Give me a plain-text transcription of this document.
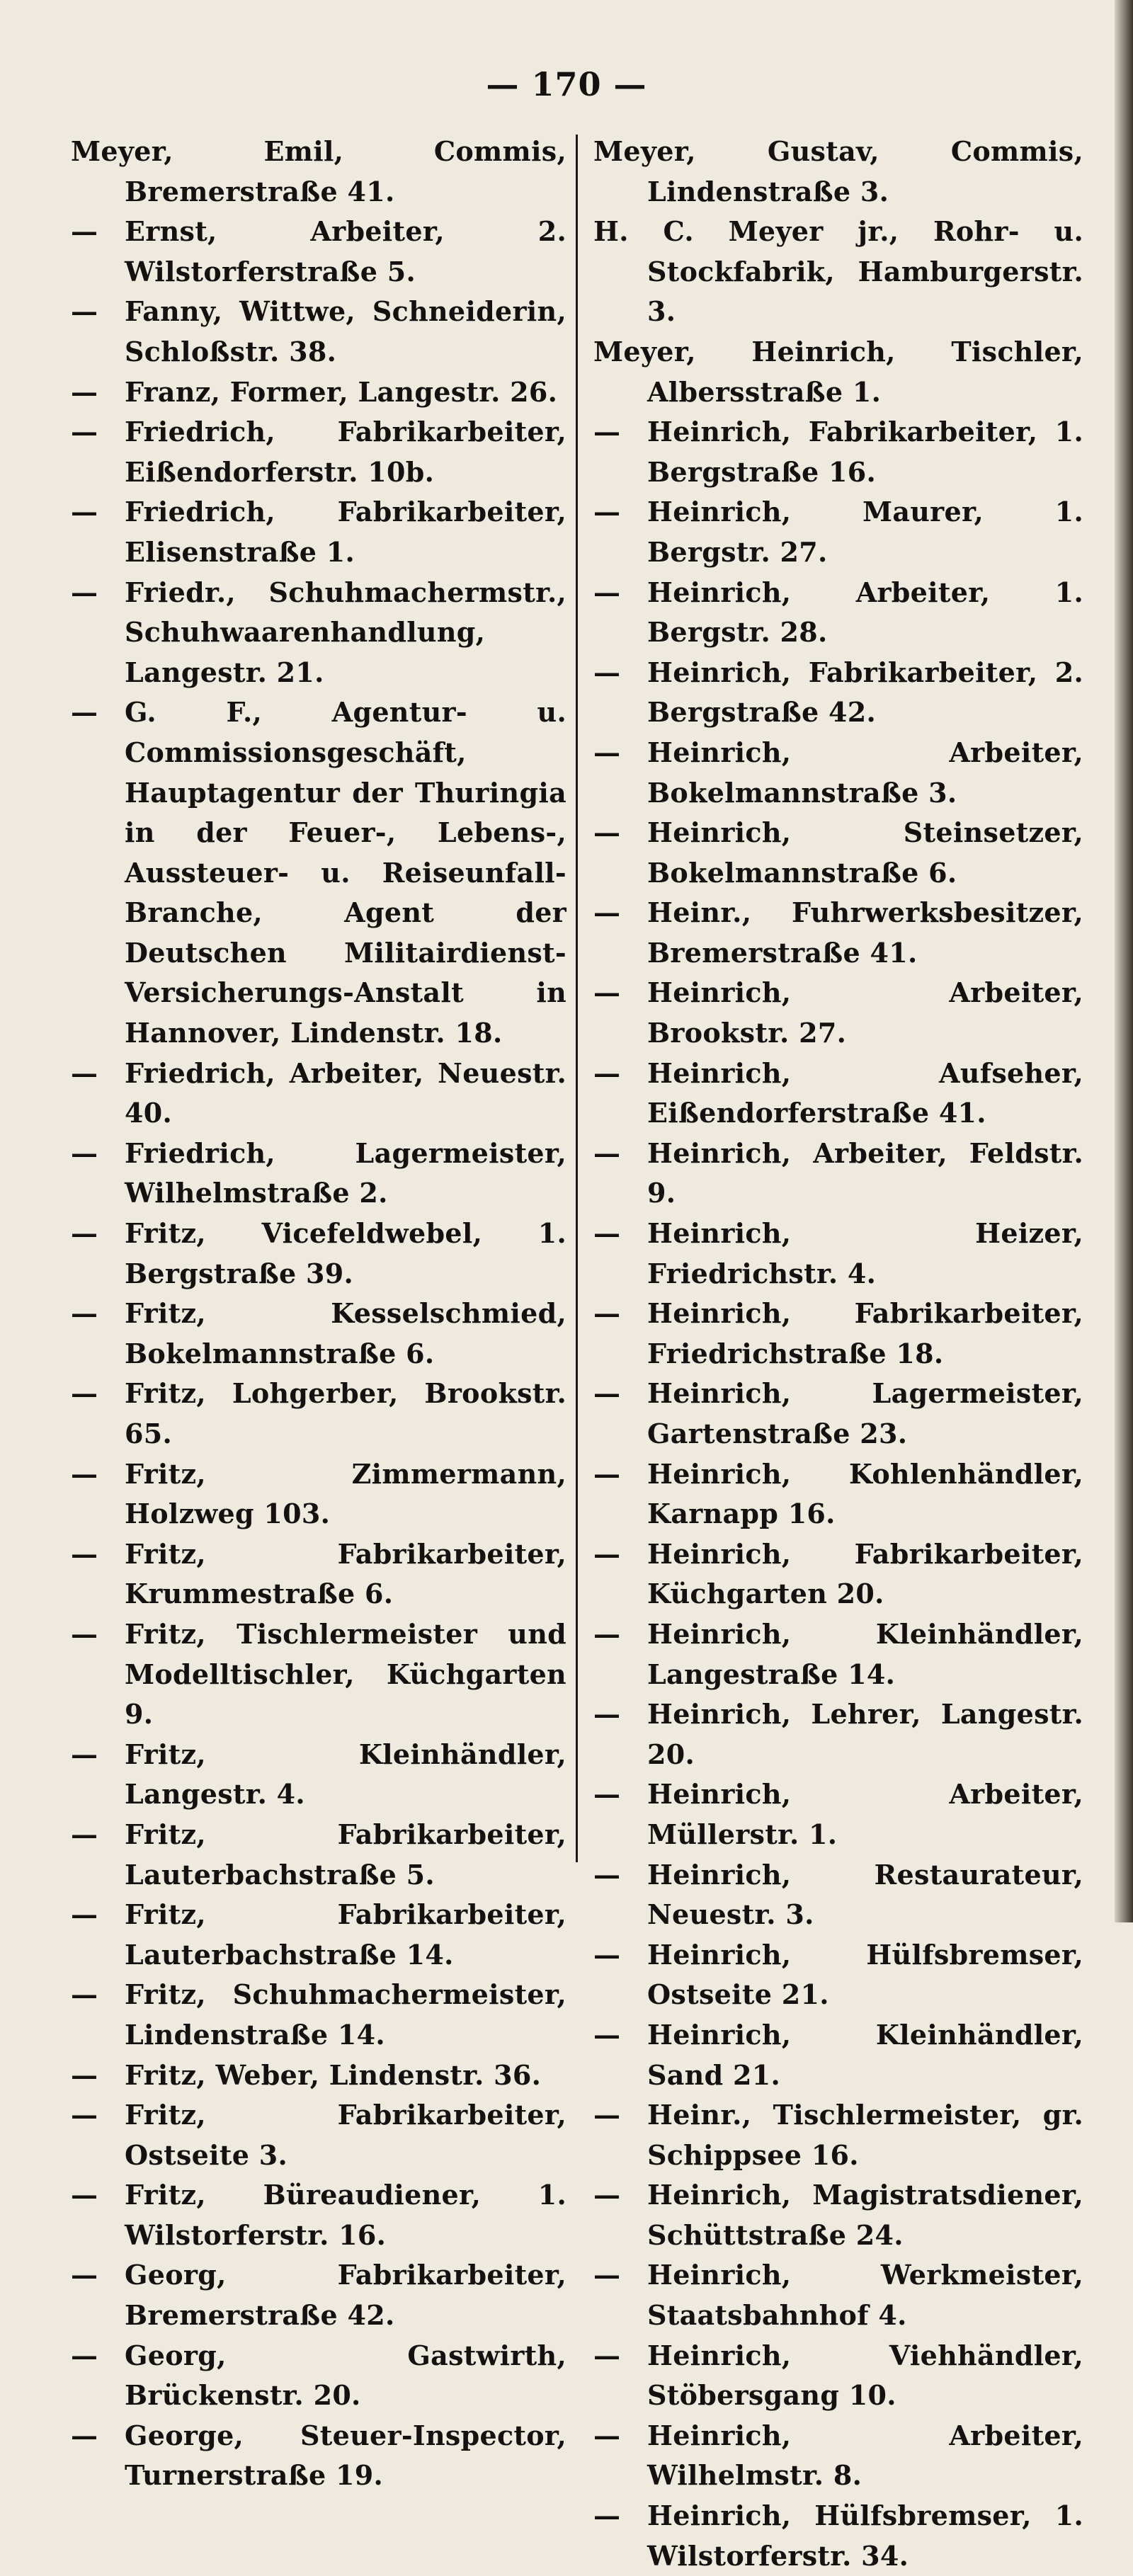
— 170 —

Meyer,	Emil, Commis, Bremerstraße 41.

— Ernst, Arbeiter, 2. Wilstorferstraße 5.

— Fanny, Wittwe, Schneiderin, Schloßstr. 38.

— Franz, Former, Langestr. 26.

— Friedrich, Fabrikarbeiter, Eißendorferstr. 10b.

— Friedrich, Fabrikarbeiter, Elisenstraße 1.

— Friedr., Schuhmachermstr., Schuhwaarenhandlung, Langestr. 21.

— G. F., Agentur- u. Commissionsgeschäft, Hauptagentur der Thuringia in der Feuer-, Lebens-, Aussteuer- u. Reiseunfall-Branche, Agent der Deutschen Militairdienst-Versicherungs-Anstalt in Hannover, Lindenstr. 18.

— Friedrich, Arbeiter, Neuestr. 40.

— Friedrich, Lagermeister, Wilhelmstraße 2.

— Fritz, Vicefeldwebel, 1. Bergstraße 39.

— Fritz, Kesselschmied, Bokelmannstraße 6.

— Fritz, Lohgerber, Brookstr. 65.

— Fritz, Zimmermann, Holzweg 103.

— Fritz, Fabrikarbeiter, Krummestraße 6.

— Fritz, Tischlermeister und Modelltischler, Küchgarten 9.

— Fritz, Kleinhändler, Langestr. 4.

— Fritz, Fabrikarbeiter, Lauterbachstraße 5.

— Fritz, Fabrikarbeiter, Lauterbachstraße 14.

— Fritz, Schuhmachermeister, Lindenstraße 14.

— Fritz, Weber, Lindenstr. 36.

— Fritz, Fabrikarbeiter, Ostseite 3.

— Fritz, Büreaudiener, 1. Wilstorferstr. 16.

— Georg, Fabrikarbeiter, Bremerstraße 42.

— Georg, Gastwirth, Brückenstr. 20.

— George, Steuer-Inspector, Turnerstraße 19.

Meyer,	Gustav, Commis, Lindenstraße 3.

H. C. Meyer jr., Rohr- u. Stockfabrik, Hamburgerstr. 3.

Meyer, Heinrich, Tischler, Albersstraße 1.

— Heinrich, Fabrikarbeiter, 1. Bergstraße 16.

— Heinrich, Maurer, 1. Bergstr. 27.

— Heinrich, Arbeiter, 1. Bergstr. 28.

— Heinrich, Fabrikarbeiter, 2. Bergstraße 42.

— Heinrich, Arbeiter, Bokelmannstraße 3.

— Heinrich, Steinsetzer, Bokelmannstraße 6.

— Heinr., Fuhrwerksbesitzer, Bremerstraße 41.

— Heinrich, Arbeiter, Brookstr. 27.

— Heinrich, Aufseher, Eißendorferstraße 41.

— Heinrich, Arbeiter, Feldstr. 9.

— Heinrich, Heizer, Friedrichstr. 4.

— Heinrich, Fabrikarbeiter, Friedrichstraße 18.

— Heinrich, Lagermeister, Gartenstraße 23.

— Heinrich, Kohlenhändler, Karnapp 16.

— Heinrich, Fabrikarbeiter, Küchgarten 20.

— Heinrich, Kleinhändler, Langestraße 14.

— Heinrich, Lehrer, Langestr. 20.

— Heinrich, Arbeiter, Müllerstr. 1.

— Heinrich, Restaurateur, Neuestr. 3.

— Heinrich, Hülfsbremser, Ostseite 21.

— Heinrich, Kleinhändler, Sand 21.

— Heinr., Tischlermeister, gr. Schippsee 16.

— Heinrich, Magistratsdiener, Schüttstraße 24.

— Heinrich, Werkmeister, Staatsbahnhof 4.

— Heinrich, Viehhändler, Stöbersgang 10.

— Heinrich, Arbeiter, Wilhelmstr. 8.

— Heinrich, Hülfsbremser, 1. Wilstorferstr. 34.
